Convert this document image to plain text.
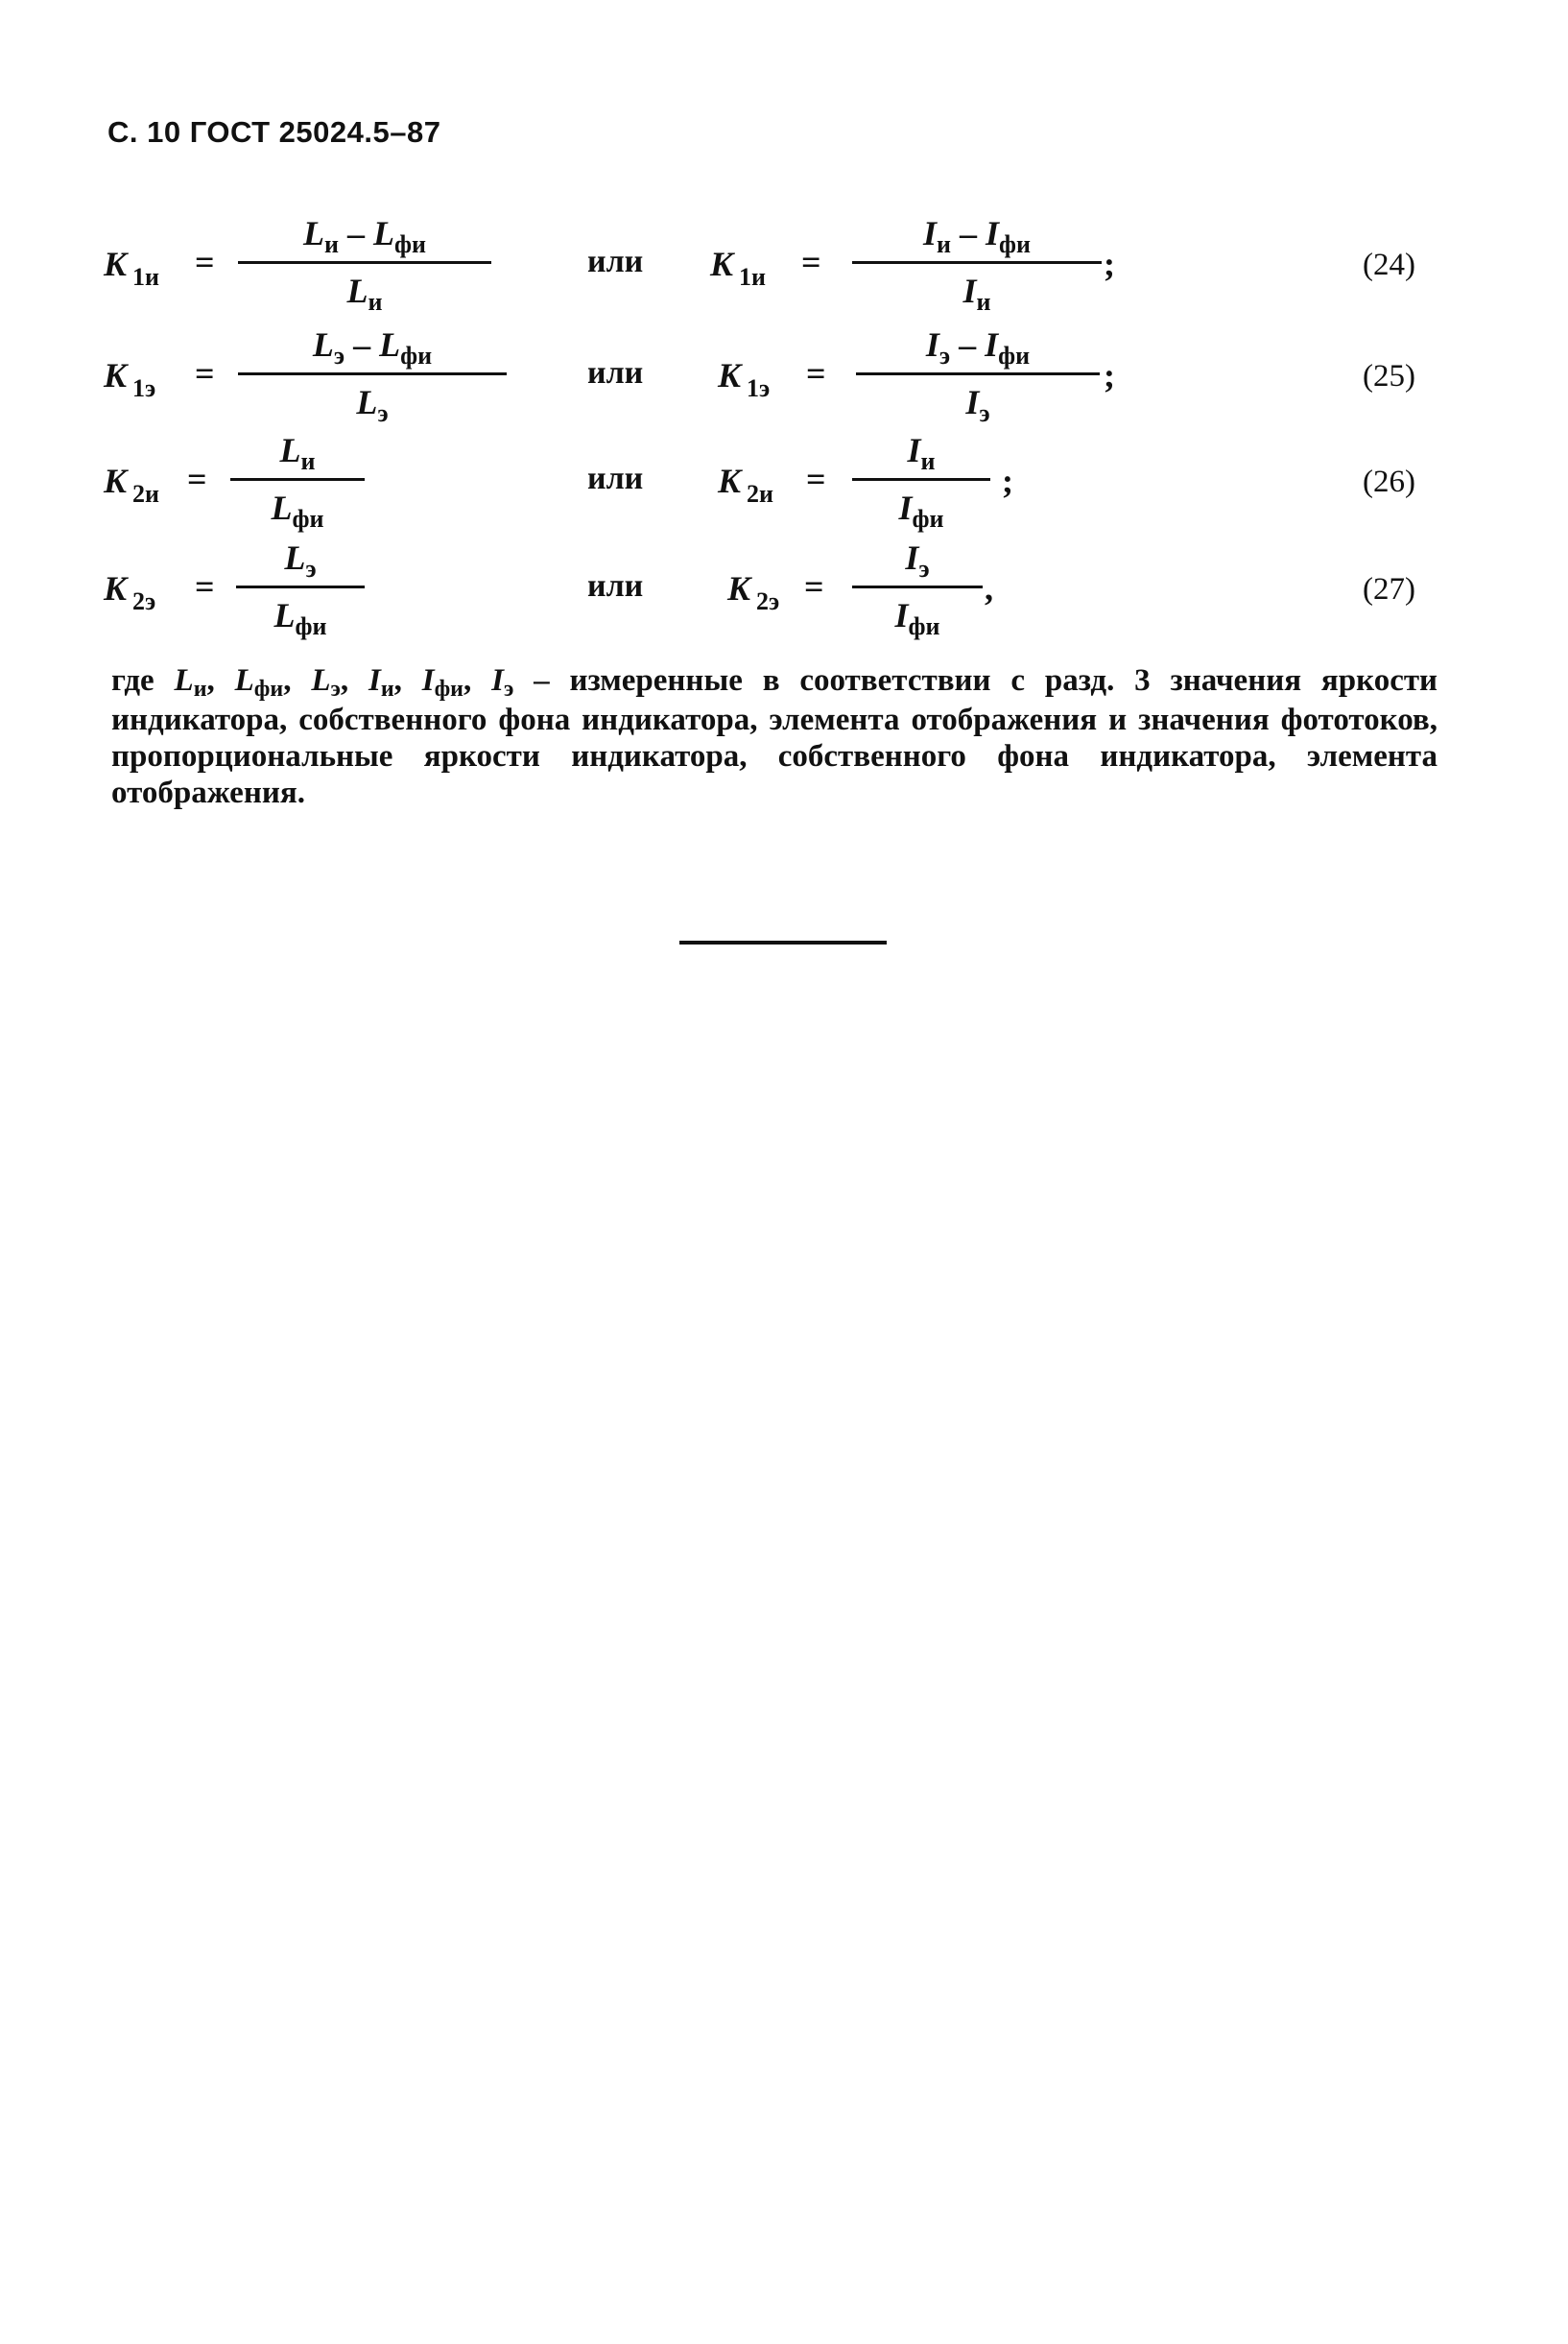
С. 10 ГОСТ 25024.5–87
K $_{1и}$ =
$L_и - L_{фи}$
$L_и$
или K $_{1и}$ =
$I_и - I_{фи}$
$I_и$
;	(24)
K $_{1э}$ =
$L_э - L_{фи}$
$L_э$
или K $_{1э}$ =
$I_э - I_{фи}$
$I_э$
;	(25)
K $_{2и}$ =
$L_и$
$L_{фи}$
или K $_{2и}$ =
$I_и$
$I_{фи}$
;	(26)
K $_{2э}$ =
$L_э$
$L_{фи}$
или K $_{2э}$ =
$I_э$
$I_{фи}$
,	(27)
где Lи, Lфи, Lэ, Iи, Iфи, Iэ – измеренные в соответствии с разд. 3 значения яркости индикатора, собственного фона индикатора, элемента отображения и значения фототоков, пропорциональные яркости индикатора, собственного фона индикатора, элемента отображения.
